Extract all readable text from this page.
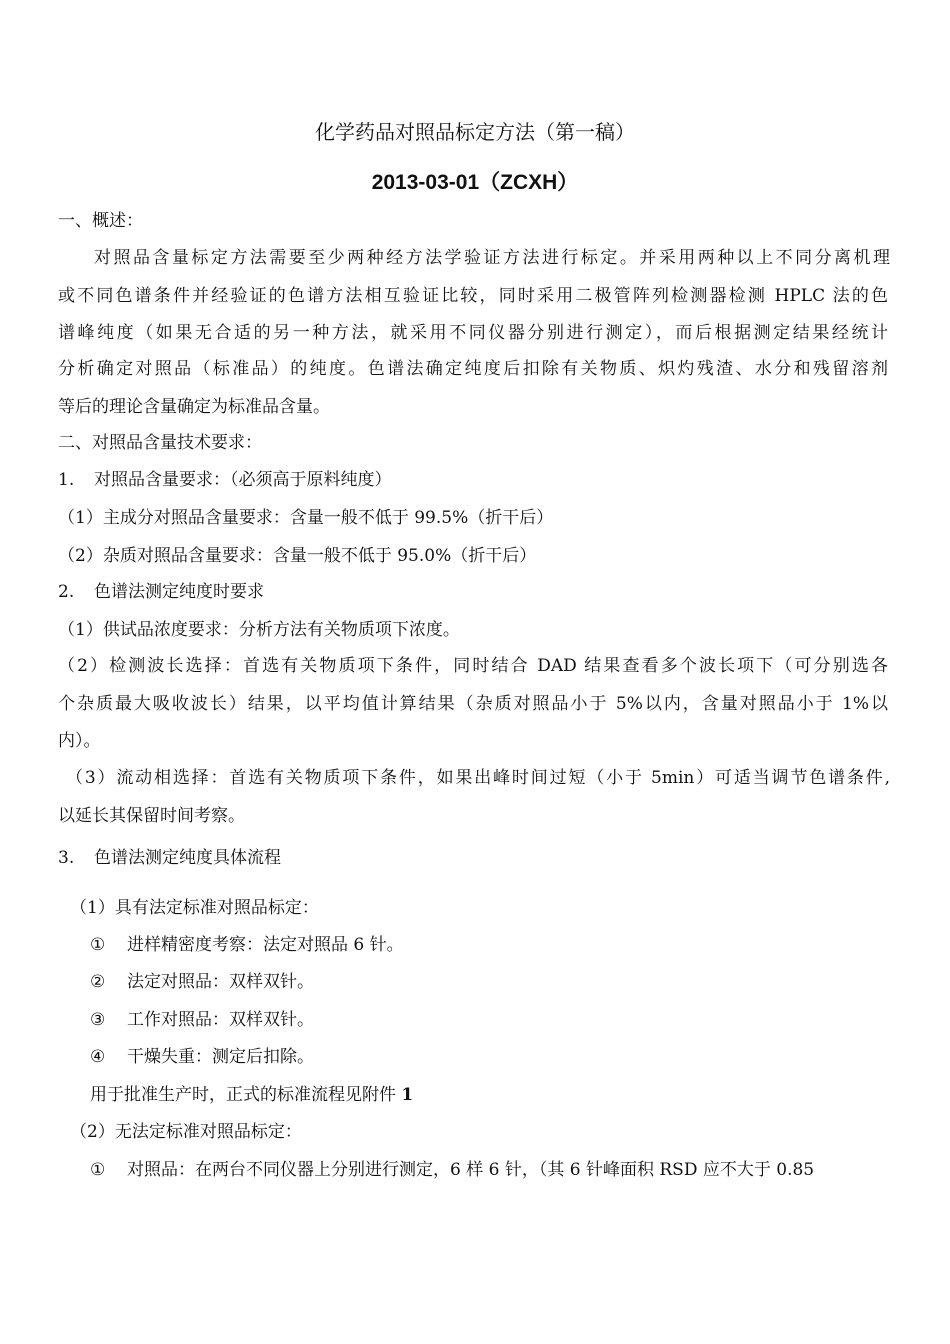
化学药品对照品标定方法（第一稿）
2013-03-01（ZCXH）
一、概述：
对照品含量标定方法需要至少两种经方法学验证方法进行标定。并采用两种以上不同分离机理
或不同色谱条件并经验证的色谱方法相互验证比较，同时采用二极管阵列检测器检测 HPLC 法的色
谱峰纯度（如果无合适的另一种方法，就采用不同仪器分别进行测定），而后根据测定结果经统计
分析确定对照品（标准品）的纯度。色谱法确定纯度后扣除有关物质、炽灼残渣、水分和残留溶剂
等后的理论含量确定为标准品含量。
二、对照品含量技术要求：
1. 对照品含量要求：（必须高于原料纯度）
（1）主成分对照品含量要求：含量一般不低于 99.5%（折干后）
（2）杂质对照品含量要求：含量一般不低于 95.0%（折干后）
2. 色谱法测定纯度时要求
（1）供试品浓度要求：分析方法有关物质项下浓度。
（2）检测波长选择：首选有关物质项下条件，同时结合 DAD 结果查看多个波长项下（可分别选各
个杂质最大吸收波长）结果，以平均值计算结果（杂质对照品小于 5%以内，含量对照品小于 1%以
内）。
（3）流动相选择：首选有关物质项下条件，如果出峰时间过短（小于 5min）可适当调节色谱条件,
以延长其保留时间考察。
3. 色谱法测定纯度具体流程
（1）具有法定标准对照品标定：
① 进样精密度考察：法定对照品 6 针。
② 法定对照品：双样双针。
③ 工作对照品：双样双针。
④ 干燥失重：测定后扣除。
用于批准生产时，正式的标准流程见附件 1
（2）无法定标准对照品标定：
① 对照品：在两台不同仪器上分别进行测定，6 样 6 针，（其 6 针峰面积 RSD 应不大于 0.85
